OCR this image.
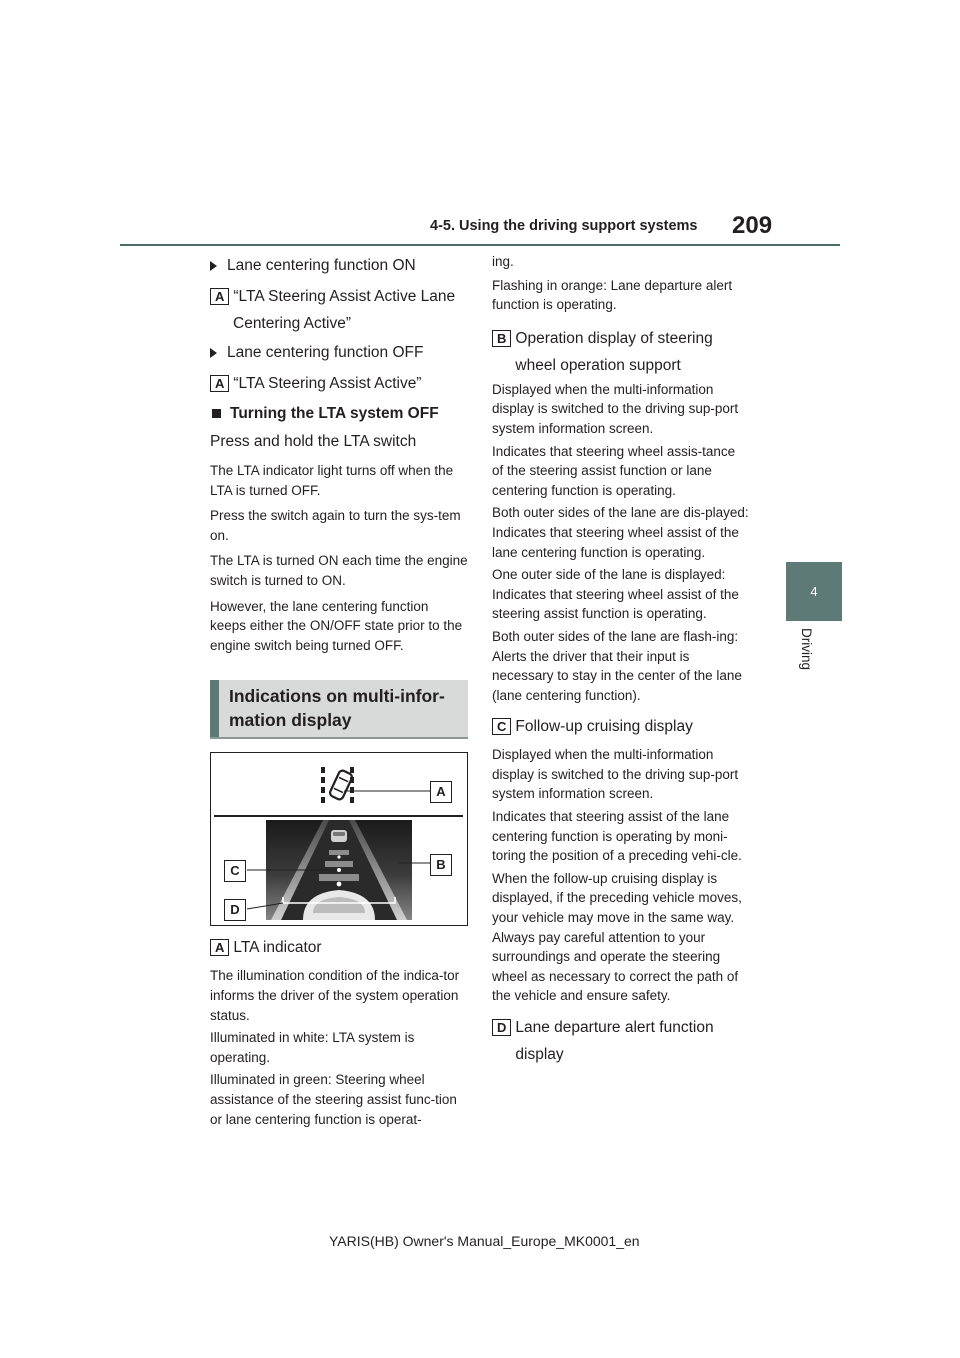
4-5. Using the driving support systems 209
4
Driving
Lane centering function ON
A “LTA Steering Assist Active Lane
Centering Active”
Lane centering function OFF
A “LTA Steering Assist Active”
Turning the LTA system OFF
Press and hold the LTA switch

The LTA indicator light turns off when the LTA is turned OFF.

Press the switch again to turn the sys-tem on.

The LTA is turned ON each time the engine switch is turned to ON.

However, the lane centering function keeps either the ON/OFF state prior to the engine switch being turned OFF.

Indications on multi-infor-mation display
A
B
C
D
A LTA indicator

The illumination condition of the indica-tor informs the driver of the system operation status.

Illuminated in white: LTA system is operating.

Illuminated in green: Steering wheel assistance of the steering assist func-tion or lane centering function is operat-

ing.

Flashing in orange: Lane departure alert function is operating.

B Operation display of steering wheel operation support

Displayed when the multi-information display is switched to the driving sup-port system information screen.

Indicates that steering wheel assis-tance of the steering assist function or lane centering function is operating.

Both outer sides of the lane are dis-played: Indicates that steering wheel assist of the lane centering function is operating.

One outer side of the lane is displayed: Indicates that steering wheel assist of the steering assist function is operating.

Both outer sides of the lane are flash-ing: Alerts the driver that their input is necessary to stay in the center of the lane (lane centering function).

C Follow-up cruising display

Displayed when the multi-information display is switched to the driving sup-port system information screen.

Indicates that steering assist of the lane centering function is operating by moni-toring the position of a preceding vehi-cle.

When the follow-up cruising display is displayed, if the preceding vehicle moves, your vehicle may move in the same way. Always pay careful attention to your surroundings and operate the steering wheel as necessary to correct the path of the vehicle and ensure safety.

D Lane departure alert function display
YARIS(HB) Owner's Manual_Europe_MK0001_en
